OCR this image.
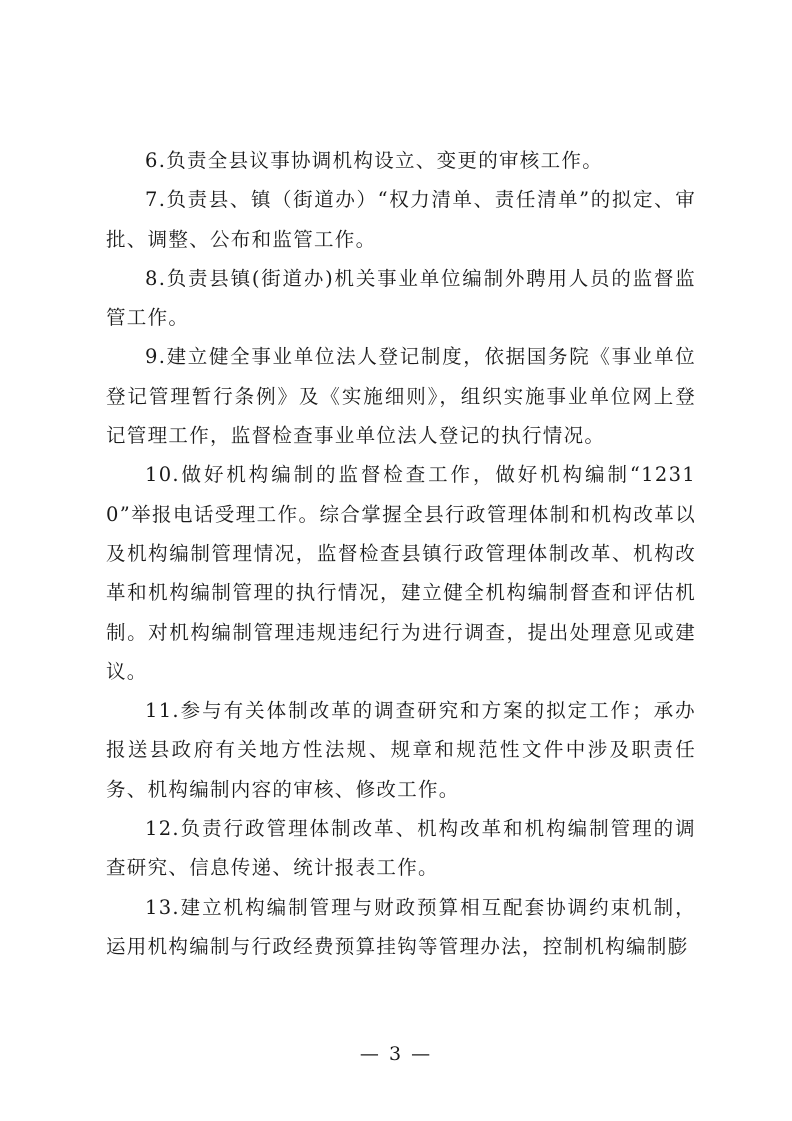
6.负责全县议事协调机构设立、变更的审核工作。

7.负责县、镇（街道办）“权力清单、责任清单”的拟定、审批、调整、公布和监管工作。

8.负责县镇(街道办)机关事业单位编制外聘用人员的监督监管工作。

9.建立健全事业单位法人登记制度，依据国务院《事业单位登记管理暂行条例》及《实施细则》，组织实施事业单位网上登记管理工作，监督检查事业单位法人登记的执行情况。

10.做好机构编制的监督检查工作，做好机构编制“12310”举报电话受理工作。综合掌握全县行政管理体制和机构改革以及机构编制管理情况，监督检查县镇行政管理体制改革、机构改革和机构编制管理的执行情况，建立健全机构编制督查和评估机制。对机构编制管理违规违纪行为进行调查，提出处理意见或建议。

11.参与有关体制改革的调查研究和方案的拟定工作；承办报送县政府有关地方性法规、规章和规范性文件中涉及职责任务、机构编制内容的审核、修改工作。

12.负责行政管理体制改革、机构改革和机构编制管理的调查研究、信息传递、统计报表工作。

13.建立机构编制管理与财政预算相互配套协调约束机制，运用机构编制与行政经费预算挂钩等管理办法，控制机构编制膨

— 3 —
